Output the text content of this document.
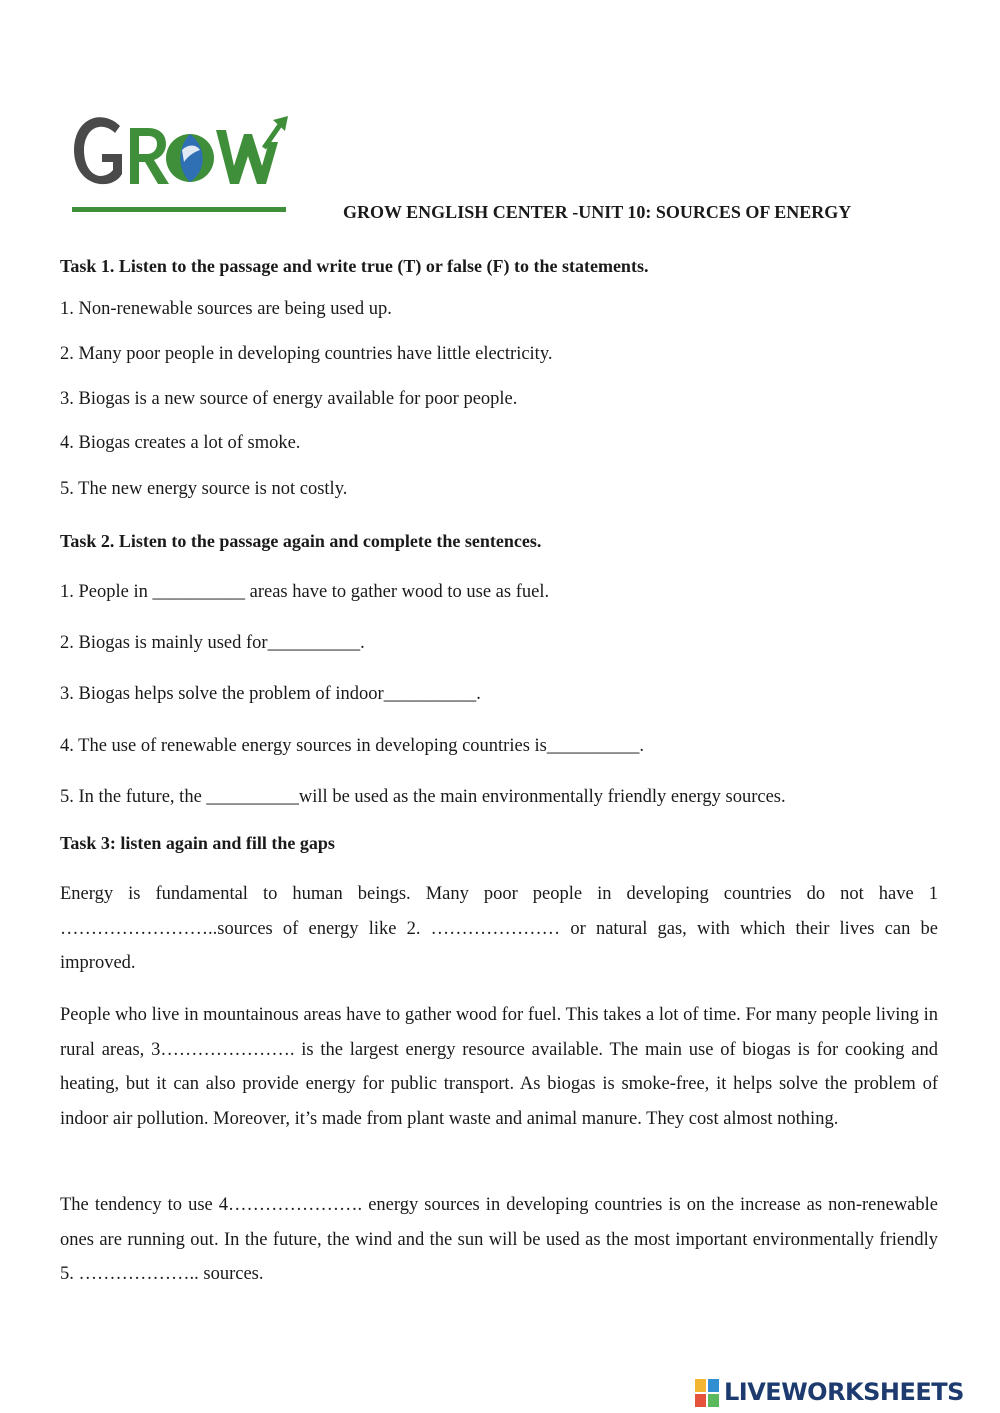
GROW ENGLISH CENTER -UNIT 10: SOURCES OF ENERGY
Task 1. Listen to the passage and write true (T) or false (F) to the statements.
1. Non-renewable sources are being used up.
2. Many poor people in developing countries have little electricity.
3. Biogas is a new source of energy available for poor people.
4. Biogas creates a lot of smoke.
5. The new energy source is not costly.
Task 2. Listen to the passage again and complete the sentences.
1. People in __________ areas have to gather wood to use as fuel.
2. Biogas is mainly used for__________.
3. Biogas helps solve the problem of indoor__________.
4. The use of renewable energy sources in developing countries is__________.
5. In the future, the __________will be used as the main environmentally friendly energy sources.
Task 3: listen again and fill the gaps
Energy is fundamental to human beings. Many poor people in developing countries do not have 1 ……………………..sources of energy like 2. ………………… or natural gas, with which their lives can be improved.
People who live in mountainous areas have to gather wood for fuel. This takes a lot of time. For many people living in rural areas, 3…………………. is the largest energy resource available. The main use of biogas is for cooking and heating, but it can also provide energy for public transport. As biogas is smoke-free, it helps solve the problem of indoor air pollution. Moreover, it’s made from plant waste and animal manure. They cost almost nothing.
The tendency to use 4…………………. energy sources in developing countries is on the increase as non-renewable ones are running out. In the future, the wind and the sun will be used as the most important environmentally friendly 5. ……………….. sources.
LIVEWORKSHEETS
